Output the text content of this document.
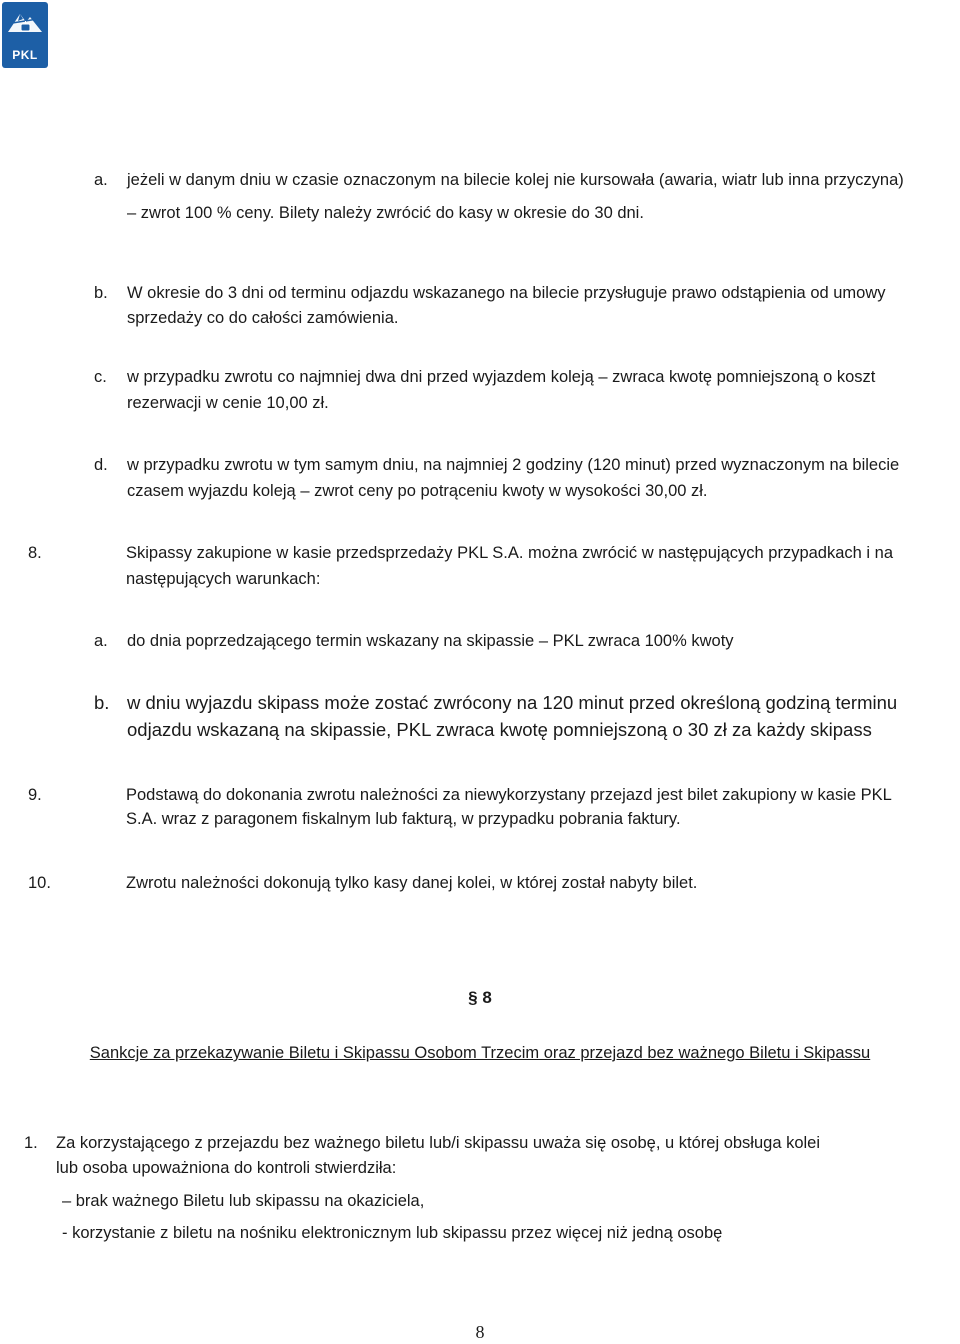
PKL
a. jeżeli w danym dniu w czasie oznaczonym na bilecie kolej nie kursowała (awaria, wiatr lub inna przyczyna)
– zwrot 100 % ceny. Bilety należy zwrócić do kasy w okresie do 30 dni.
b. W okresie do 3 dni od terminu odjazdu wskazanego na bilecie przysługuje prawo odstąpienia od umowy
sprzedaży co do całości zamówienia.
c. w przypadku zwrotu co najmniej dwa dni przed wyjazdem koleją – zwraca kwotę pomniejszoną o koszt
rezerwacji w cenie 10,00 zł.
d. w przypadku zwrotu w tym samym dniu, na najmniej 2 godziny (120 minut) przed wyznaczonym na bilecie
czasem wyjazdu koleją – zwrot ceny po potrąceniu kwoty w wysokości 30,00 zł.
8.	Skipassy zakupione w kasie przedsprzedaży PKL S.A. można zwrócić w następujących przypadkach i na
następujących warunkach:
a. do dnia poprzedzającego termin wskazany na skipassie – PKL zwraca 100% kwoty
b. w dniu wyjazdu skipass może zostać zwrócony na 120 minut przed określoną godziną terminu
odjazdu wskazaną na skipassie, PKL zwraca kwotę pomniejszoną o 30 zł za każdy skipass
9.	Podstawą do dokonania zwrotu należności za niewykorzystany przejazd jest bilet zakupiony w kasie PKL
S.A. wraz z paragonem fiskalnym lub fakturą, w przypadku pobrania faktury.
10.	Zwrotu należności dokonują tylko kasy danej kolei, w której został nabyty bilet.
§ 8
Sankcje za przekazywanie Biletu i Skipassu Osobom Trzecim oraz przejazd bez ważnego Biletu i Skipassu
1. Za korzystającego z przejazdu bez ważnego biletu lub/i skipassu uważa się osobę, u której obsługa kolei
lub osoba upoważniona do kontroli stwierdziła:
– brak ważnego Biletu lub skipassu na okaziciela,
- korzystanie z biletu na nośniku elektronicznym lub skipassu przez więcej niż jedną osobę
8
